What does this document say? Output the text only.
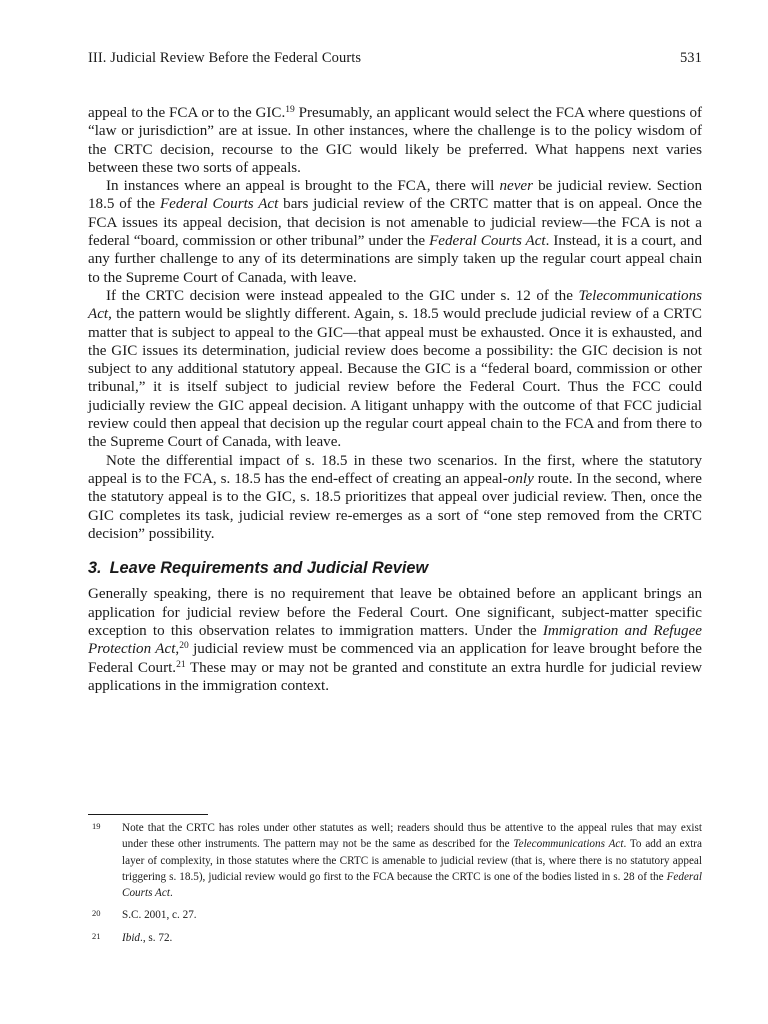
III. Judicial Review Before the Federal Courts	531

appeal to the FCA or to the GIC.$^{19}$ Presumably, an applicant would select the FCA where questions of “law or jurisdiction” are at issue. In other instances, where the challenge is to the policy wisdom of the CRTC decision, recourse to the GIC would likely be preferred. What happens next varies between these two sorts of appeals.

In instances where an appeal is brought to the FCA, there will never be judicial review. Section 18.5 of the Federal Courts Act bars judicial review of the CRTC matter that is on appeal. Once the FCA issues its appeal decision, that decision is not amenable to judicial review—the FCA is not a federal “board, commission or other tribunal” under the Federal Courts Act. Instead, it is a court, and any further challenge to any of its determinations are simply taken up the regular court appeal chain to the Supreme Court of Canada, with leave.

If the CRTC decision were instead appealed to the GIC under s. 12 of the Telecommunications Act, the pattern would be slightly different. Again, s. 18.5 would preclude judicial review of a CRTC matter that is subject to appeal to the GIC—that appeal must be exhausted. Once it is exhausted, and the GIC issues its determination, judicial review does become a possibility: the GIC decision is not subject to any additional statutory appeal. Because the GIC is a “federal board, commission or other tribunal,” it is itself subject to judicial review before the Federal Court. Thus the FCC could judicially review the GIC appeal decision. A litigant unhappy with the outcome of that FCC judicial review could then appeal that decision up the regular court appeal chain to the FCA and from there to the Supreme Court of Canada, with leave.

Note the differential impact of s. 18.5 in these two scenarios. In the first, where the statutory appeal is to the FCA, s. 18.5 has the end-effect of creating an appeal-only route. In the second, where the statutory appeal is to the GIC, s. 18.5 prioritizes that appeal over judicial review. Then, once the GIC completes its task, judicial review re-emerges as a sort of “one step removed from the CRTC decision” possibility.

3. Leave Requirements and Judicial Review

Generally speaking, there is no requirement that leave be obtained before an applicant brings an application for judicial review before the Federal Court. One significant, subject-matter specific exception to this observation relates to immigration matters. Under the Immigration and Refugee Protection Act,$^{20}$ judicial review must be commenced via an application for leave brought before the Federal Court.$^{21}$ These may or may not be granted and constitute an extra hurdle for judicial review applications in the immigration context.

19	Note that the CRTC has roles under other statutes as well; readers should thus be attentive to the appeal rules that may exist under these other instruments. The pattern may not be the same as described for the Telecommunications Act. To add an extra layer of complexity, in those statutes where the CRTC is amenable to judicial review (that is, where there is no statutory appeal triggering s. 18.5), judicial review would go first to the FCA because the CRTC is one of the bodies listed in s. 28 of the Federal Courts Act.
20	S.C. 2001, c. 27.
21	Ibid., s. 72.
